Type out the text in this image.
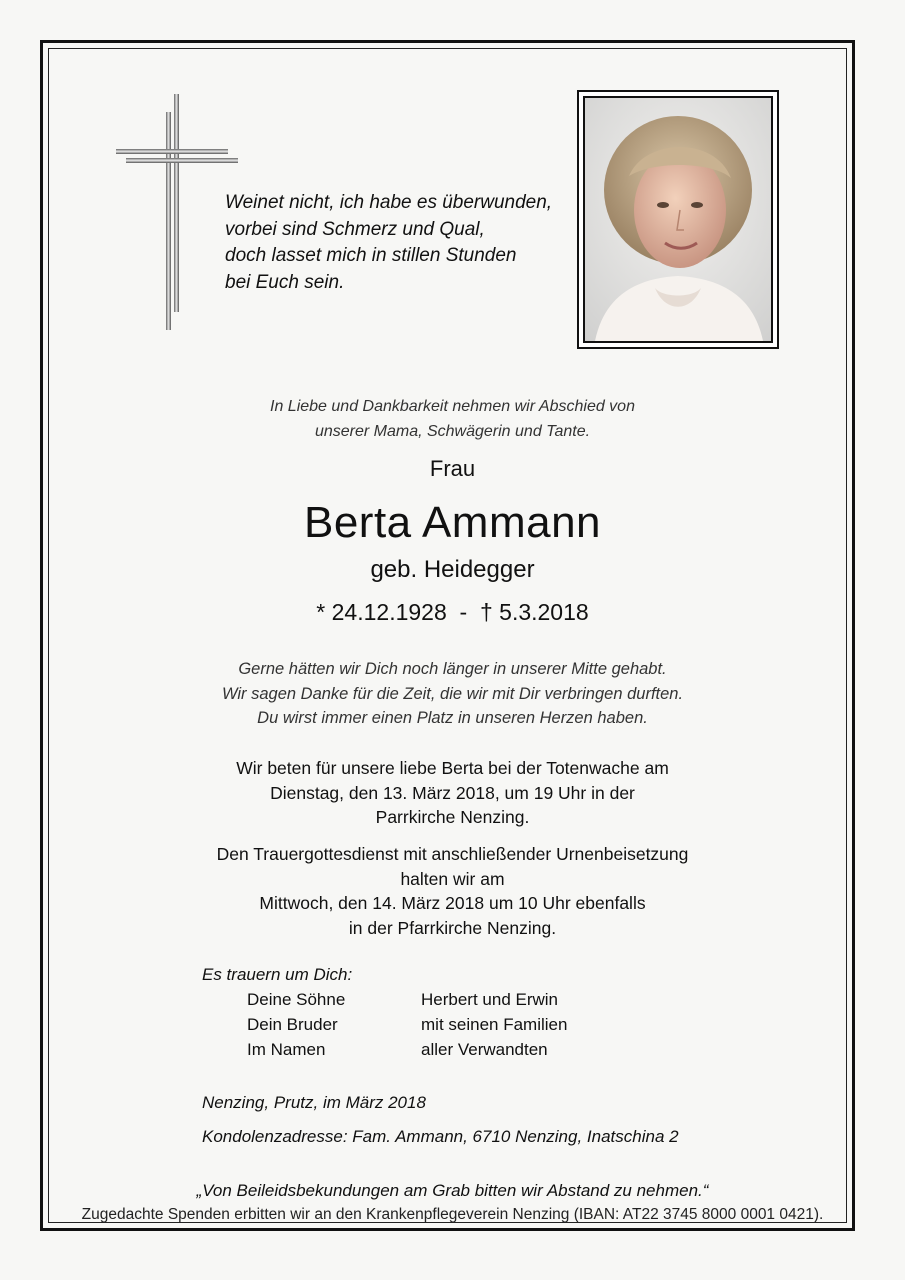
Weinet nicht, ich habe es überwunden,
vorbei sind Schmerz und Qual,
doch lasset mich in stillen Stunden
bei Euch sein.
In Liebe und Dankbarkeit nehmen wir Abschied von
unserer Mama, Schwägerin und Tante.
Frau
Berta Ammann
geb. Heidegger
* 24.12.1928  -  † 5.3.2018
Gerne hätten wir Dich noch länger in unserer Mitte gehabt.
Wir sagen Danke für die Zeit, die wir mit Dir verbringen durften.
Du wirst immer einen Platz in unseren Herzen haben.
Wir beten für unsere liebe Berta bei der Totenwache am
Dienstag, den 13. März 2018, um 19 Uhr in der
Parrkirche Nenzing.
Den Trauergottesdienst mit anschließender Urnenbeisetzung
halten wir am
Mittwoch, den 14. März 2018 um 10 Uhr ebenfalls
in der Pfarrkirche Nenzing.
Es trauern um Dich:
Deine Söhne	Herbert und Erwin
Dein Bruder	mit seinen Familien
Im Namen	aller Verwandten
Nenzing, Prutz, im März 2018
Kondolenzadresse: Fam. Ammann, 6710 Nenzing, Inatschina 2
„Von Beileidsbekundungen am Grab bitten wir Abstand zu nehmen.“
Zugedachte Spenden erbitten wir an den Krankenpflegeverein Nenzing (IBAN: AT22 3745 8000 0001 0421).
